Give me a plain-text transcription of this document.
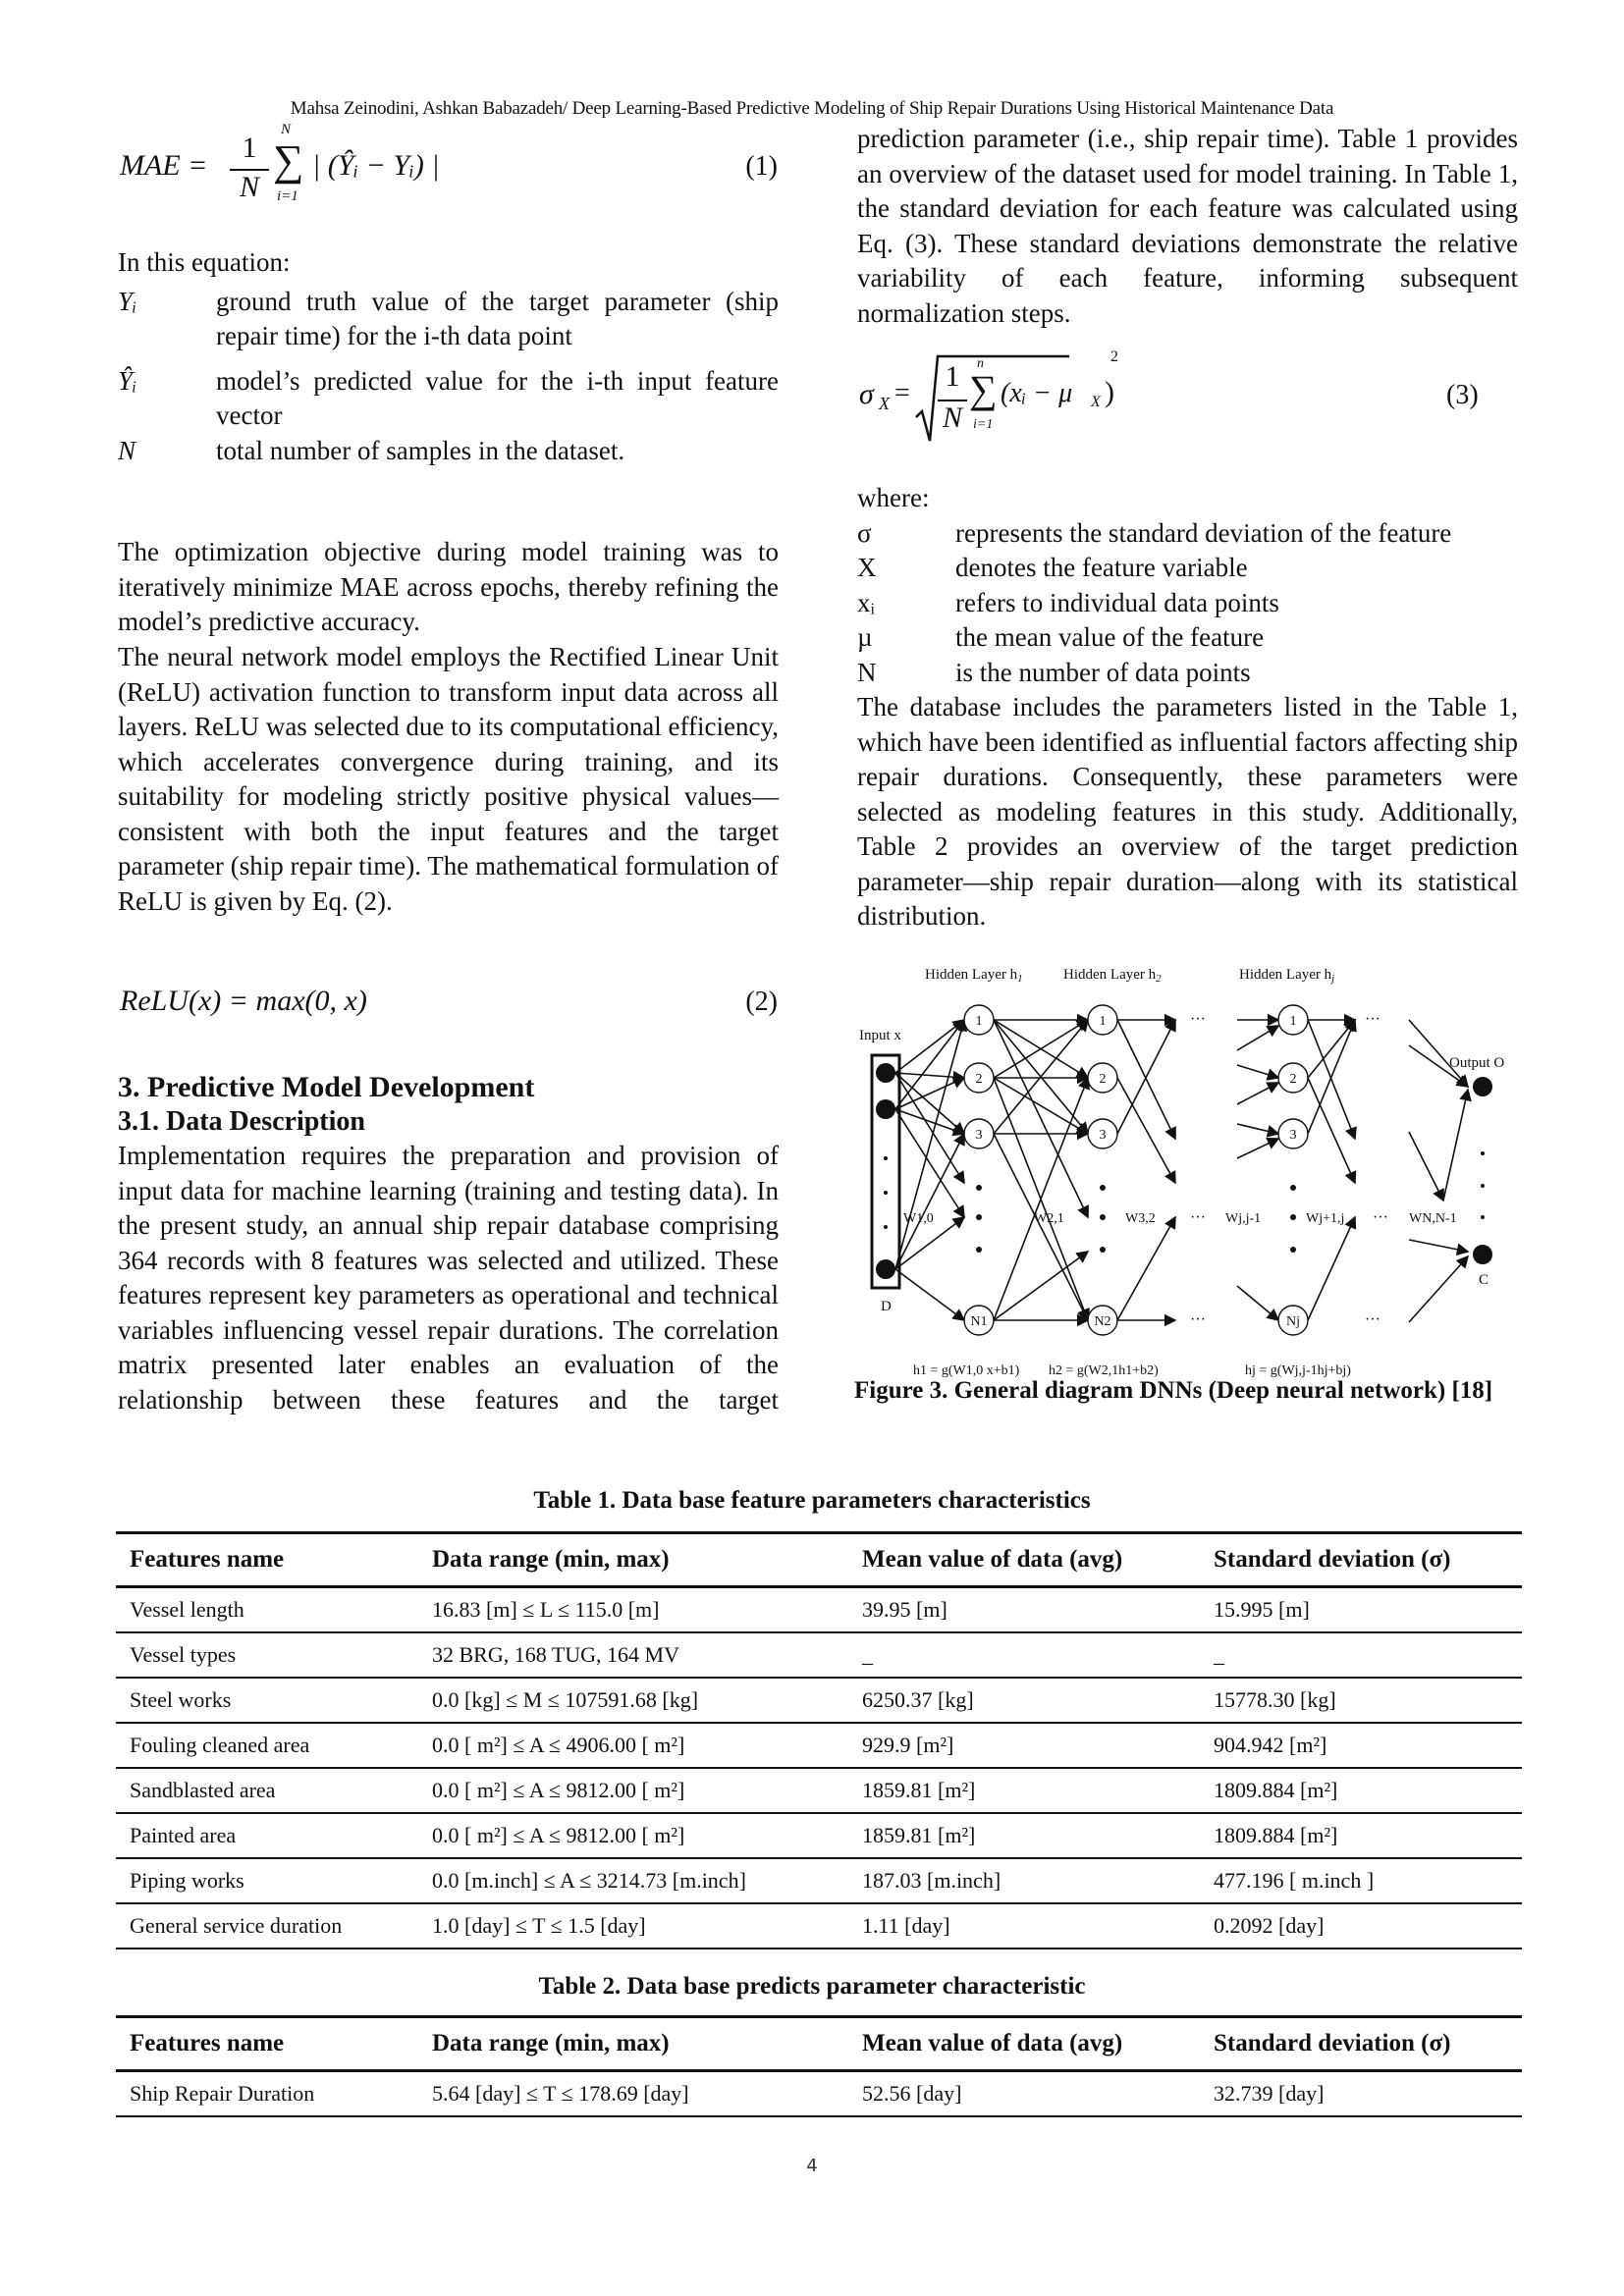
Mahsa Zeinodini, Ashkan Babazadeh/ Deep Learning-Based Predictive Modeling of Ship Repair Durations Using Historical Maintenance Data
MAE =
1
N
N
∑
i=1
| (Ŷᵢ − Yᵢ) |	(1)
In this equation:
Yᵢ	ground truth value of the target parameter (ship repair time) for the i-th data point
Ŷᵢ	model’s predicted value for the i-th input feature vector
N	total number of samples in the dataset.
The optimization objective during model training was to iteratively minimize MAE across epochs, thereby refining the model’s predictive accuracy.
The neural network model employs the Rectified Linear Unit (ReLU) activation function to transform input data across all layers. ReLU was selected due to its computational efficiency, which accelerates convergence during training, and its suitability for modeling strictly positive physical values—consistent with both the input features and the target parameter (ship repair time). The mathematical formulation of ReLU is given by Eq. (2).
ReLU(x) = max(0, x)	(2)
3. Predictive Model Development
3.1. Data Description
Implementation requires the preparation and provision of input data for machine learning (training and testing data). In the present study, an annual ship repair database comprising 364 records with 8 features was selected and utilized. These features represent key parameters as operational and technical variables influencing vessel repair durations. The correlation matrix presented later enables an evaluation of the relationship between these features and the target
prediction parameter (i.e., ship repair time). Table 1 provides an overview of the dataset used for model training. In Table 1, the standard deviation for each feature was calculated using Eq. (3). These standard deviations demonstrate the relative variability of each feature, informing subsequent normalization steps.
σ X =
1
N
n
∑
i=1
(xᵢ − μ X )
2
(3)
where:
σ	represents the standard deviation of the feature
X	denotes the feature variable
xᵢ	refers to individual data points
µ	the mean value of the feature
N	is the number of data points
The database includes the parameters listed in the Table 1, which have been identified as influential factors affecting ship repair durations. Consequently, these parameters were selected as modeling features in this study. Additionally, Table 2 provides an overview of the target prediction parameter—ship repair duration—along with its statistical distribution.
Hidden Layer $h_1$	Hidden Layer $h_2$	Hidden Layer $h_j$
Input x
Output O
D
C
1
2
3
N1
1
2
3
N2
1
2
3
Nj
···
···
···
···
···
···
W1,0	W2,1	W3,2	Wj,j-1	Wj+1,j	WN,N-1
h1 = g(W1,0 x+b1) h2 = g(W2,1h1+b2)	hj = g(Wj,j-1hj+bj)
Figure 3. General diagram DNNs (Deep neural network) [18]
Table 1. Data base feature parameters characteristics
Features name	Data range (min, max)	Mean value of data (avg)	Standard deviation (σ)
Vessel length	16.83 [m] ≤ L ≤ 115.0 [m]	39.95 [m]	15.995 [m]
Vessel types	32 BRG, 168 TUG, 164 MV	_	_
Steel works	0.0 [kg] ≤ M ≤ 107591.68 [kg]	6250.37 [kg]	15778.30 [kg]
Fouling cleaned area	0.0 [ m²] ≤ A ≤ 4906.00 [ m²]	929.9 [m²]	904.942 [m²]
Sandblasted area	0.0 [ m²] ≤ A ≤ 9812.00 [ m²]	1859.81 [m²]	1809.884 [m²]
Painted area	0.0 [ m²] ≤ A ≤ 9812.00 [ m²]	1859.81 [m²]	1809.884 [m²]
Piping works	0.0 [m.inch] ≤ A ≤ 3214.73 [m.inch]	187.03 [m.inch]	477.196 [ m.inch ]
General service duration	1.0 [day] ≤ T ≤ 1.5 [day]	1.11 [day]	0.2092 [day]
Table 2. Data base predicts parameter characteristic
Features name	Data range (min, max)	Mean value of data (avg)	Standard deviation (σ)
Ship Repair Duration	5.64 [day] ≤ T ≤ 178.69 [day]	52.56 [day]	32.739 [day]
4
